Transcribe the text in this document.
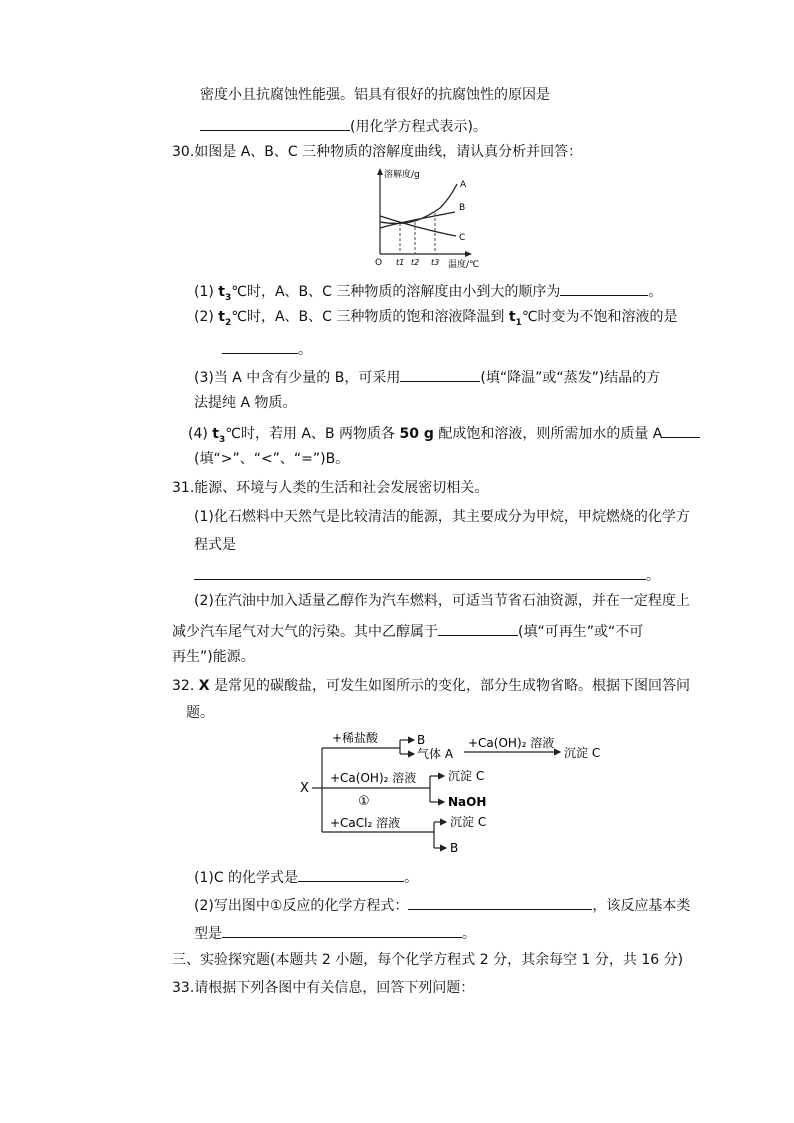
密度小且抗腐蚀性能强。铝具有很好的抗腐蚀性的原因是
(用化学方程式表示)。
30.如图是 A、B、C 三种物质的溶解度曲线，请认真分析并回答：
溶解度/g
A
B
C
O t1 t2 t3 温度/℃
(1) $t_3℃$时，A、B、C 三种物质的溶解度由小到大的顺序为	。
(2) $t_2℃$时，A、B、C 三种物质的饱和溶液降温到 $t_1℃$时变为不饱和溶液的是
。
(3)当 A 中含有少量的 B，可采用	(填“降温”或“蒸发”)结晶的方
法提纯 A 物质。
(4) $t_3℃$时，若用 A、B 两物质各 50 g 配成饱和溶液，则所需加水的质量 A
(填“>”、“<”、“=”)B。
31.能源、环境与人类的生活和社会发展密切相关。
(1)化石燃料中天然气是比较清洁的能源，其主要成分为甲烷，甲烷燃烧的化学方
程式是
。
(2)在汽油中加入适量乙醇作为汽车燃料，可适当节省石油资源，并在一定程度上
减少汽车尾气对大气的污染。其中乙醇属于	(填“可再生”或“不可
再生”)能源。
32. X 是常见的碳酸盐，可发生如图所示的变化，部分生成物省略。根据下图回答问
题。
X
+稀盐酸	B
气体 A
+Ca(OH)₂ 溶液
沉淀 C
+Ca(OH)₂ 溶液
①
沉淀 C
NaOH
+CaCl₂ 溶液	沉淀 C
B
(1)C 的化学式是	。
(2)写出图中①反应的化学方程式：	，该反应基本类
型是	。
三、实验探究题(本题共 2 小题，每个化学方程式 2 分，其余每空 1 分，共 16 分)
33.请根据下列各图中有关信息，回答下列问题：
